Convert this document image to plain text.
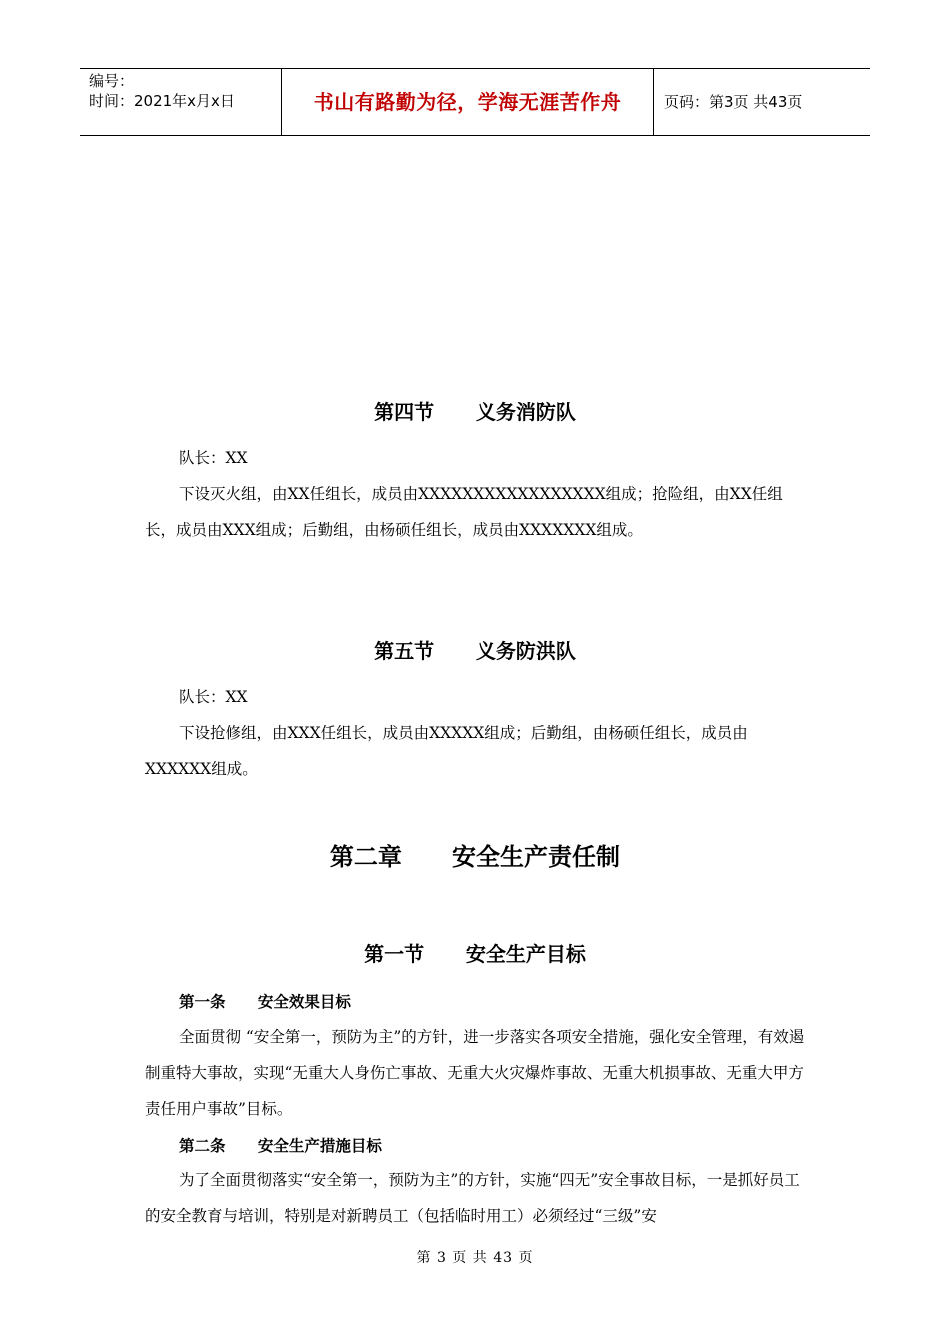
编号：
时间：2021年x月x日	书山有路勤为径，学海无涯苦作舟	页码：第3页 共43页
第四节      义务消防队

队长：XX

下设灭火组，由XX任组长，成员由XXXXXXXXXXXXXXXXX组成；抢险组，由XX任组长，成员由XXX组成；后勤组，由杨硕任组长，成员由XXXXXXX组成。

第五节      义务防洪队

队长：XX

下设抢修组，由XXX任组长，成员由XXXXX组成；后勤组，由杨硕任组长，成员由XXXXXX组成。

第二章      安全生产责任制
第一节      安全生产目标
第一条      安全效果目标

全面贯彻 “安全第一，预防为主”的方针，进一步落实各项安全措施，强化安全管理，有效遏制重特大事故，实现“无重大人身伤亡事故、无重大火灾爆炸事故、无重大机损事故、无重大甲方责任用户事故”目标。

第二条      安全生产措施目标

为了全面贯彻落实“安全第一，预防为主”的方针，实施“四无”安全事故目标，一是抓好员工的安全教育与培训，特别是对新聘员工（包括临时用工）必须经过“三级”安

第 3 页 共 43 页
